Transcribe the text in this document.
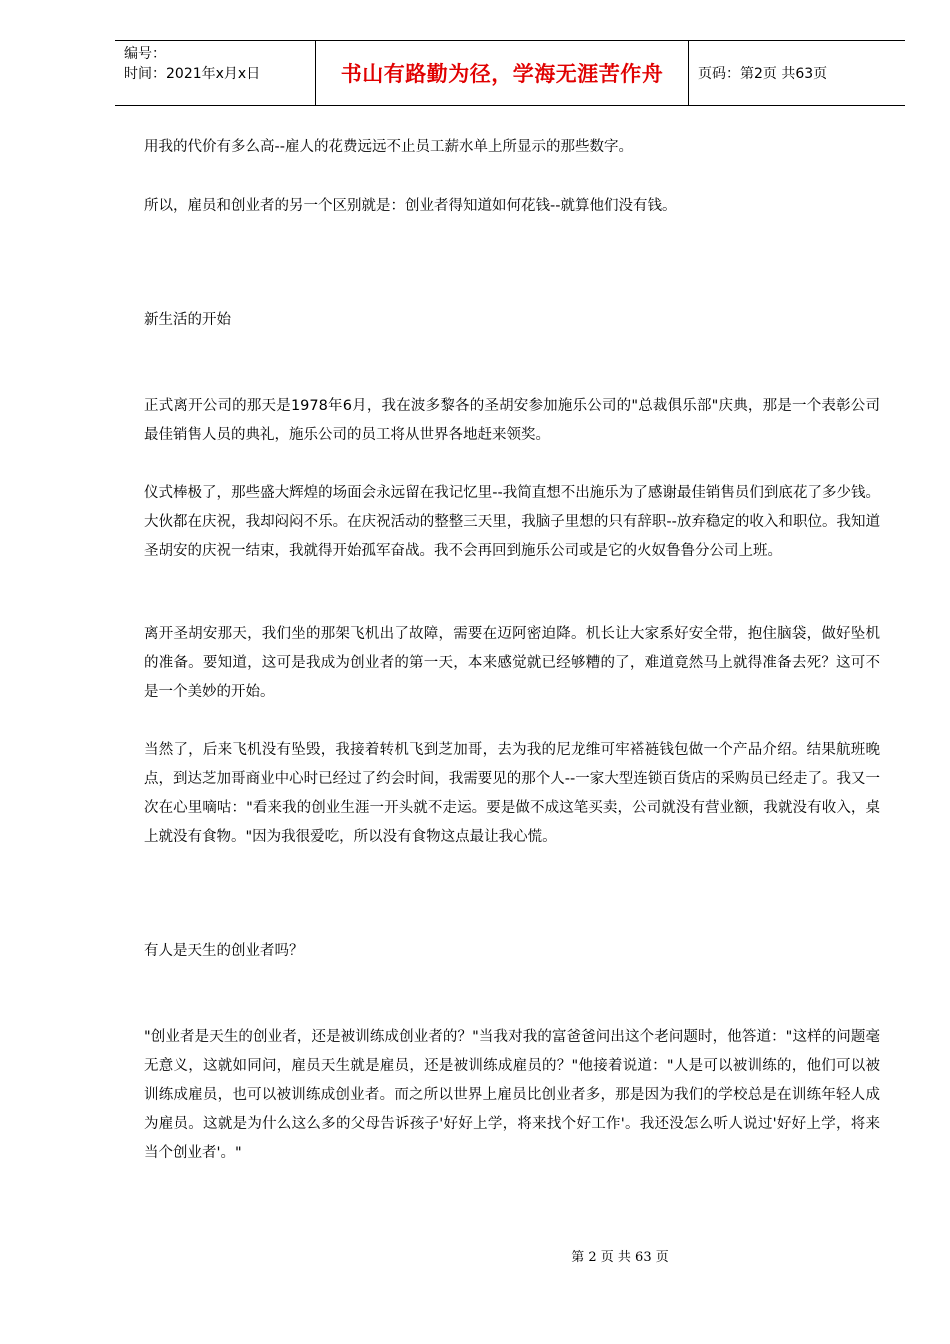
编号：
时间：2021年x月x日	书山有路勤为径，学海无涯苦作舟 页码：第2页 共63页

用我的代价有多么高--雇人的花费远远不止员工薪水单上所显示的那些数字。

所以，雇员和创业者的另一个区别就是：创业者得知道如何花钱--就算他们没有钱。

新生活的开始

正式离开公司的那天是1978年6月，我在波多黎各的圣胡安参加施乐公司的"总裁俱乐部"庆典，那是一个表彰公司最佳销售人员的典礼，施乐公司的员工将从世界各地赶来领奖。

仪式棒极了，那些盛大辉煌的场面会永远留在我记忆里--我简直想不出施乐为了感谢最佳销售员们到底花了多少钱。大伙都在庆祝，我却闷闷不乐。在庆祝活动的整整三天里，我脑子里想的只有辞职--放弃稳定的收入和职位。我知道圣胡安的庆祝一结束，我就得开始孤军奋战。我不会再回到施乐公司或是它的火奴鲁鲁分公司上班。

离开圣胡安那天，我们坐的那架飞机出了故障，需要在迈阿密迫降。机长让大家系好安全带，抱住脑袋，做好坠机的准备。要知道，这可是我成为创业者的第一天，本来感觉就已经够糟的了，难道竟然马上就得准备去死？这可不是一个美妙的开始。

当然了，后来飞机没有坠毁，我接着转机飞到芝加哥，去为我的尼龙维可牢褡裢钱包做一个产品介绍。结果航班晚点，到达芝加哥商业中心时已经过了约会时间，我需要见的那个人--一家大型连锁百货店的采购员已经走了。我又一次在心里嘀咕："看来我的创业生涯一开头就不走运。要是做不成这笔买卖，公司就没有营业额，我就没有收入，桌上就没有食物。"因为我很爱吃，所以没有食物这点最让我心慌。

有人是天生的创业者吗？

"创业者是天生的创业者，还是被训练成创业者的？"当我对我的富爸爸问出这个老问题时，他答道："这样的问题毫无意义，这就如同问，雇员天生就是雇员，还是被训练成雇员的？"他接着说道："人是可以被训练的，他们可以被训练成雇员，也可以被训练成创业者。而之所以世界上雇员比创业者多，那是因为我们的学校总是在训练年轻人成为雇员。这就是为什么这么多的父母告诉孩子'好好上学，将来找个好工作'。我还没怎么听人说过'好好上学，将来当个创业者'。"

第 2 页 共 63 页
